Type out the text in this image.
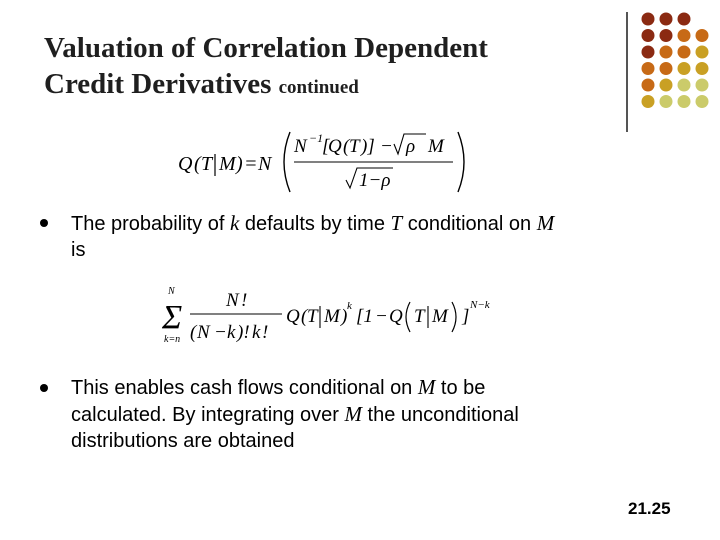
Valuation of Correlation Dependent
Credit Derivatives continued
Q ( T M ) = N
N −1
[
Q ( T )] − ρ M
1−ρ
The probability of k defaults by time T conditional on M
is
N
Σ
k=n
N !
( N − k )! k !
Q ( T M ) k [1 − Q T M ]
N−k
This enables cash flows conditional on M to be
calculated. By integrating over M the unconditional
distributions are obtained
21.25
